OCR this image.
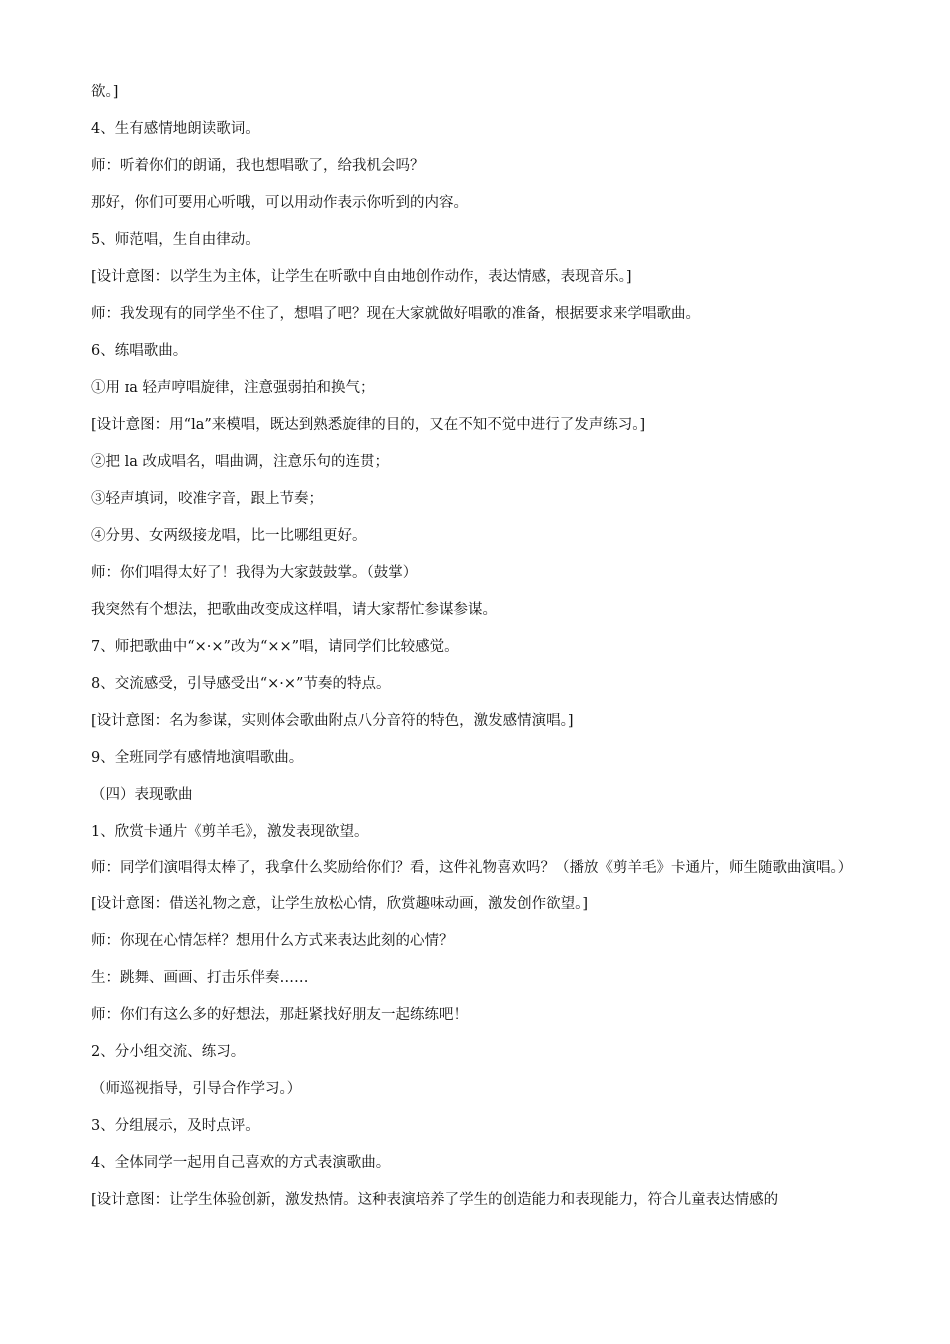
欲。]

4、生有感情地朗读歌词。

师：听着你们的朗诵，我也想唱歌了，给我机会吗？

那好，你们可要用心听哦，可以用动作表示你听到的内容。

5、师范唱，生自由律动。

[设计意图：以学生为主体，让学生在听歌中自由地创作动作，表达情感，表现音乐。]

师：我发现有的同学坐不住了，想唱了吧？现在大家就做好唱歌的准备，根据要求来学唱歌曲。

6、练唱歌曲。

①用 ɪa 轻声哼唱旋律，注意强弱拍和换气；

[设计意图：用“la”来模唱，既达到熟悉旋律的目的，又在不知不觉中进行了发声练习。]

②把 la 改成唱名，唱曲调，注意乐句的连贯；

③轻声填词，咬准字音，跟上节奏；

④分男、女两级接龙唱，比一比哪组更好。

师：你们唱得太好了！我得为大家鼓鼓掌。（鼓掌）

我突然有个想法，把歌曲改变成这样唱，请大家帮忙参谋参谋。

7、师把歌曲中“×·×”改为“××”唱，请同学们比较感觉。

8、交流感受，引导感受出“×·×”节奏的特点。

[设计意图：名为参谋，实则体会歌曲附点八分音符的特色，激发感情演唱。]

9、全班同学有感情地演唱歌曲。

（四）表现歌曲

1、欣赏卡通片《剪羊毛》，激发表现欲望。

师：同学们演唱得太棒了，我拿什么奖励给你们？看，这件礼物喜欢吗？（播放《剪羊毛》卡通片，师生随歌曲演唱。）

[设计意图：借送礼物之意，让学生放松心情，欣赏趣味动画，激发创作欲望。]

师：你现在心情怎样？想用什么方式来表达此刻的心情？

生：跳舞、画画、打击乐伴奏……

师：你们有这么多的好想法，那赶紧找好朋友一起练练吧！

2、分小组交流、练习。

（师巡视指导，引导合作学习。）

3、分组展示，及时点评。

4、全体同学一起用自己喜欢的方式表演歌曲。

[设计意图：让学生体验创新，激发热情。这种表演培养了学生的创造能力和表现能力，符合儿童表达情感的
